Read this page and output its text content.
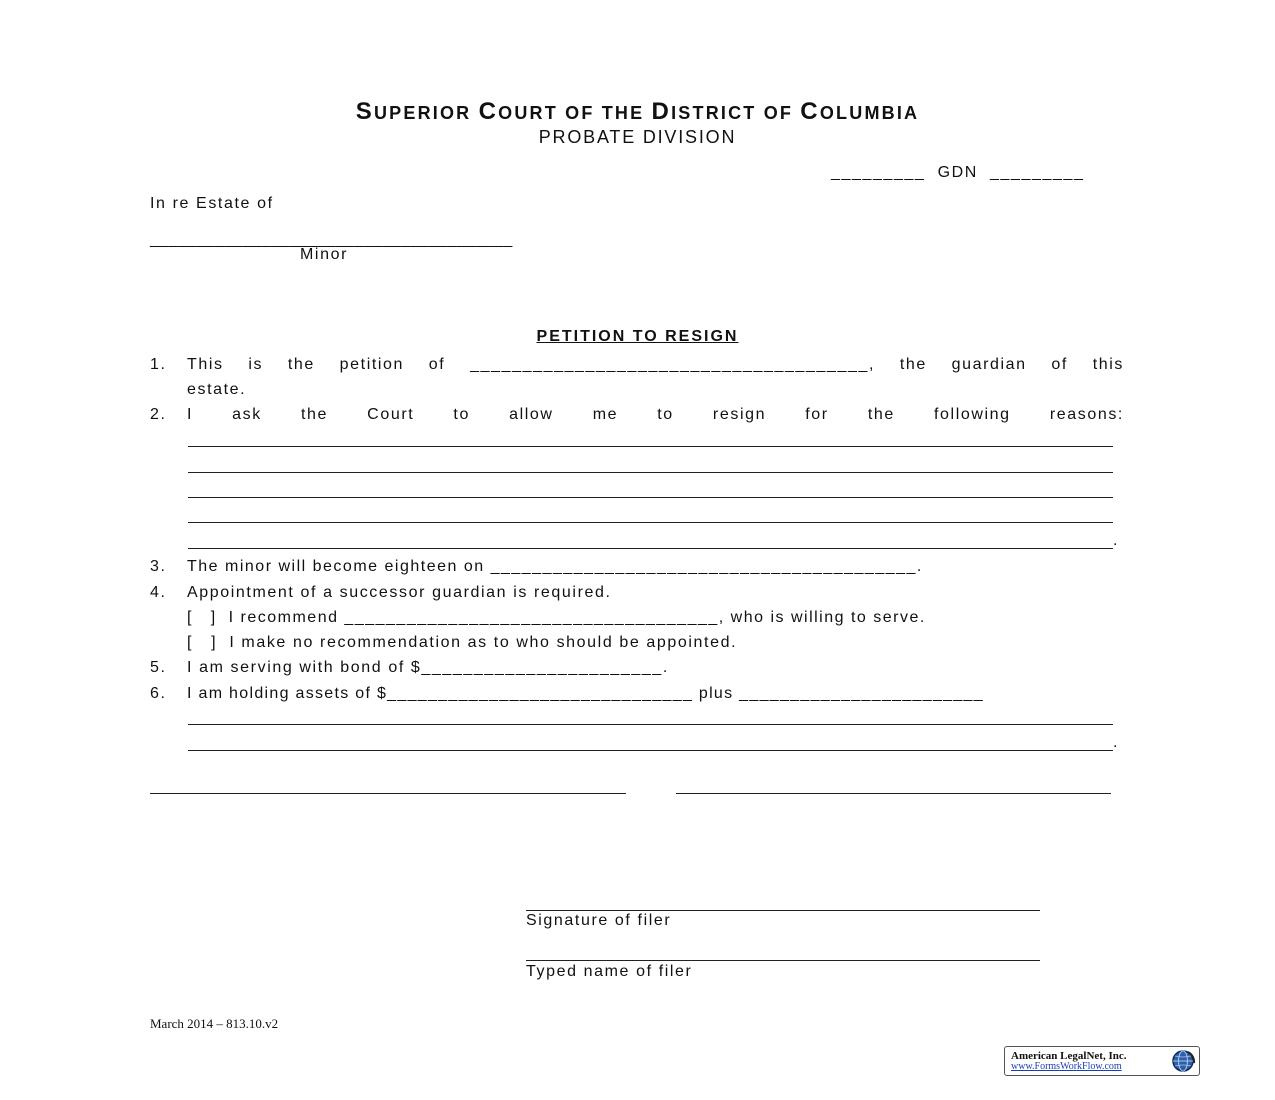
SUPERIOR COURT OF THE DISTRICT OF COLUMBIA
PROBATE DIVISION
_________  GDN  _________
In re Estate of
_______________________________________
Minor
PETITION TO RESIGN
1. This is the petition of ______________________________________, the guardian of this
estate.
2. I ask the Court to allow me to resign for the following reasons:
.
3. The minor will become eighteen on _________________________________________.
4. Appointment of a successor guardian is required.
[   ]  I recommend ____________________________________, who is willing to serve.
[   ]  I make no recommendation as to who should be appointed.
5. I am serving with bond of $_______________________.
6. I am holding assets of $______________________________ plus ________________________
.
Signature of filer
Typed name of filer
March 2014 – 813.10.v2
American LegalNet, Inc.
www.FormsWorkFlow.com
